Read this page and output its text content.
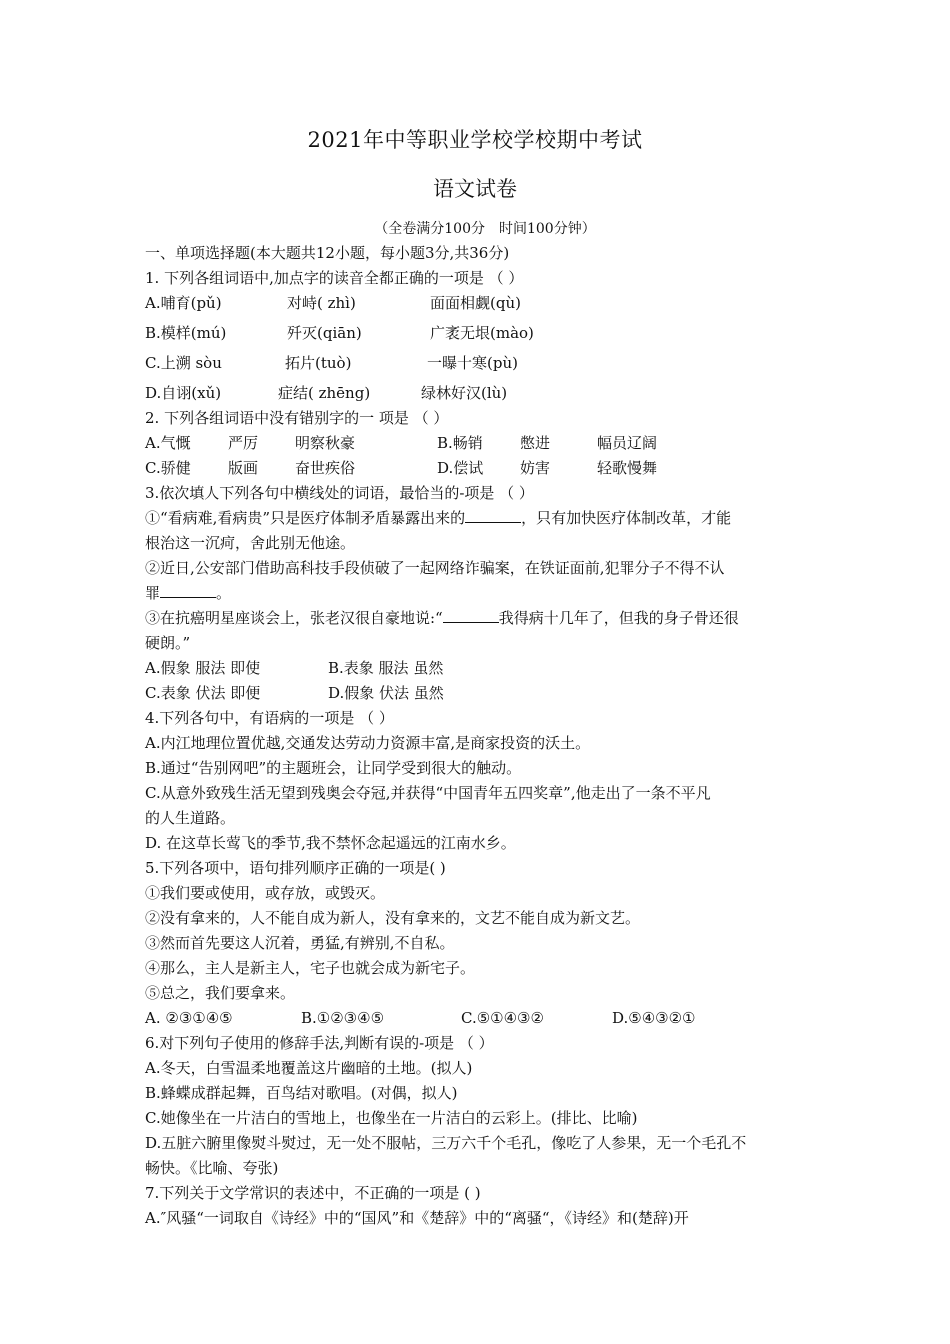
2021年中等职业学校学校期中考试
语文试卷
（全卷满分100分　时间100分钟）
一、单项选择题(本大题共12小题，每小题3分,共36分)
1. 下列各组词语中,加点字的读音全都正确的一项是 （ ）
A.哺育(pǔ)	对峙( zhì)	面面相觑(qù)
B.模样(mú)	歼灭(qiān)	广袤无垠(mào)
C.上溯 sòu	拓片(tuò)	一曝十寒(pù)
D.自诩(xǔ)	症结( zhēng)	绿林好汉(lù)
2. 下列各组词语中没有错别字的一 项是 （ ）
A.气慨 严厉 明察秋豪	B.畅销 憋进	幅员辽阔
C.骄健 版画 奋世疾俗	D.偿试 妨害	轻歌慢舞
3.依次填人下列各句中横线处的词语，最恰当的-项是 （ ）
①“看病难,看病贵”只是医疗体制矛盾暴露出来的	，只有加快医疗体制改革，才能
根治这一沉疴，舍此别无他途。
②近日,公安部门借助高科技手段侦破了一起网络诈骗案，在铁证面前,犯罪分子不得不认
罪	。
③在抗癌明星座谈会上，张老汉很自豪地说:“	我得病十几年了，但我的身子骨还很
硬朗。”
A.假象 服法 即使	B.表象 服法 虽然
C.表象 伏法 即便	D.假象 伏法 虽然
4.下列各句中，有语病的一项是 （ ）
A.内江地理位置优越,交通发达劳动力资源丰富,是商家投资的沃土。
B.通过“告别网吧”的主题班会，让同学受到很大的触动。
C.从意外致残生活无望到残奥会夺冠,并获得“中国青年五四奖章”,他走出了一条不平凡
的人生道路。
D. 在这草长莺飞的季节,我不禁怀念起遥远的江南水乡。
5.下列各项中，语句排列顺序正确的一项是( )
①我们要或使用，或存放，或毁灭。
②没有拿来的，人不能自成为新人，没有拿来的，文艺不能自成为新文艺。
③然而首先要这人沉着，勇猛,有辨别,不自私。
④那么，主人是新主人，宅子也就会成为新宅子。
⑤总之，我们要拿来。
A. ②③①④⑤	B.①②③④⑤	C.⑤①④③②	D.⑤④③②①
6.对下列句子使用的修辞手法,判断有误的-项是 （ ）
A.冬天，白雪温柔地覆盖这片幽暗的土地。(拟人)
B.蜂蝶成群起舞，百鸟结对歌唱。(对偶，拟人)
C.她像坐在一片洁白的雪地上，也像坐在一片洁白的云彩上。(排比、比喻)
D.五脏六腑里像熨斗熨过，无一处不服帖，三万六千个毛孔，像吃了人参果，无一个毛孔不
畅快。《比喻、夸张)
7.下列关于文学常识的表述中，不正确的一项是 ( )
A.″风骚“一词取自《诗经》中的“国风”和《楚辞》中的“离骚“，《诗经》和(楚辞)开
